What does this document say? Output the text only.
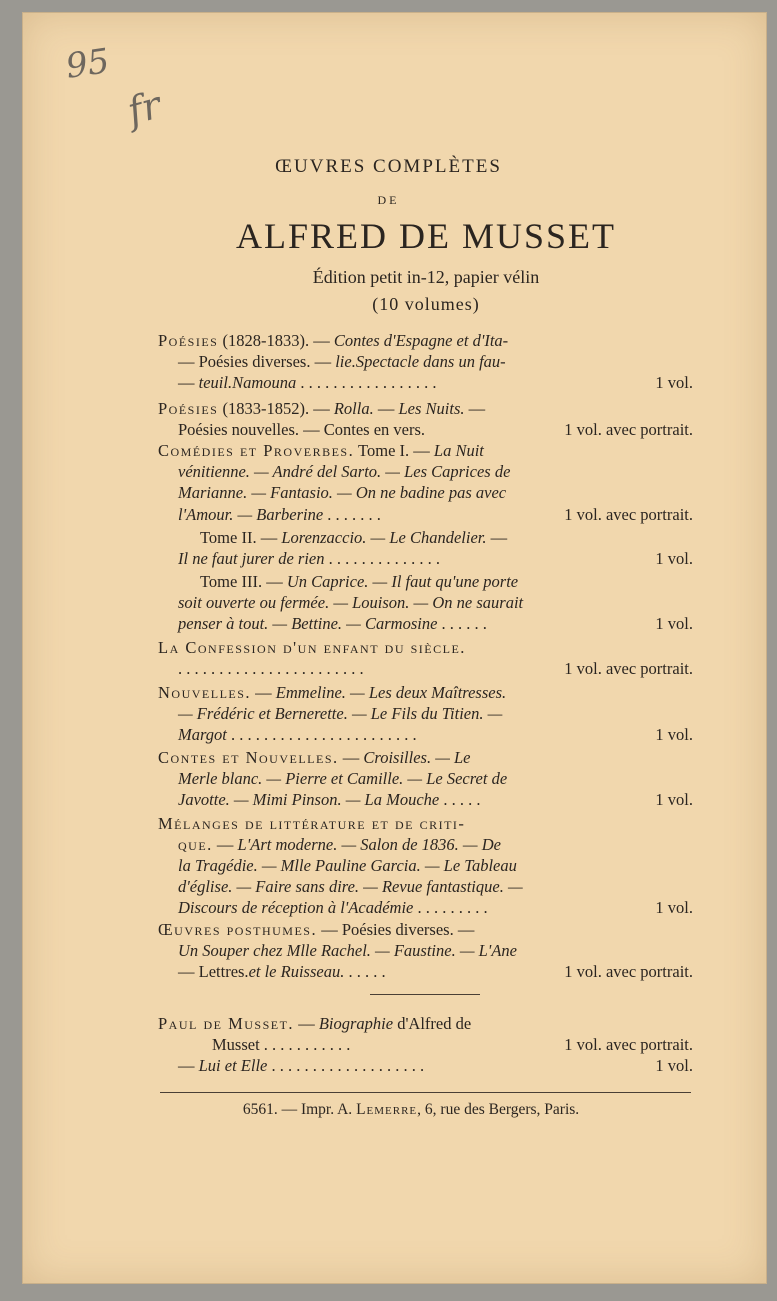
95
fr
ŒUVRES COMPLÈTES
DE
ALFRED DE MUSSET
Édition petit in-12, papier vélin
(10 volumes)
Poésies (1828-1833). — Contes d'Espagne et d'Ita-
— Poésies diverses. — lie.Spectacle dans un fau-
— teuil.Namouna . . . . . . . . . . . . . . . . .	1 vol.
Poésies (1833-1852). — Rolla. — Les Nuits. —
Poésies nouvelles. — Contes en vers.	1 vol. avec portrait.
Comédies et Proverbes. Tome I. — La Nuit
vénitienne. — André del Sarto. — Les Caprices de
Marianne. — Fantasio. — On ne badine pas avec
l'Amour. — Barberine . . . . . . .	1 vol. avec portrait.
Tome II. — Lorenzaccio. — Le Chandelier. —
Il ne faut jurer de rien . . . . . . . . . . . . . .	1 vol.
Tome III. — Un Caprice. — Il faut qu'une porte
soit ouverte ou fermée. — Louison. — On ne saurait
penser à tout. — Bettine. — Carmosine . . . . . .	1 vol.
La Confession d'un enfant du siècle.
. . . . . . . . . . . . . . . . . . . . . . .	1 vol. avec portrait.
Nouvelles. — Emmeline. — Les deux Maîtresses.
— Frédéric et Bernerette. — Le Fils du Titien. —
Margot . . . . . . . . . . . . . . . . . . . . . . .	1 vol.
Contes et Nouvelles. — Croisilles. — Le
Merle blanc. — Pierre et Camille. — Le Secret de
Javotte. — Mimi Pinson. — La Mouche . . . . .	1 vol.
Mélanges de littérature et de criti-
que. — L'Art moderne. — Salon de 1836. — De
la Tragédie. — Mlle Pauline Garcia. — Le Tableau
d'église. — Faire sans dire. — Revue fantastique. —
Discours de réception à l'Académie . . . . . . . . .	1 vol.
Œuvres posthumes. — Poésies diverses. —
Un Souper chez Mlle Rachel. — Faustine. — L'Ane
— Lettres.et le Ruisseau. . . . . .	1 vol. avec portrait.
Paul de Musset. — Biographie d'Alfred de
Musset . . . . . . . . . . .	1 vol. avec portrait.
— Lui et Elle . . . . . . . . . . . . . . . . . . .	1 vol.
6561. — Impr. A. Lemerre, 6, rue des Bergers, Paris.
